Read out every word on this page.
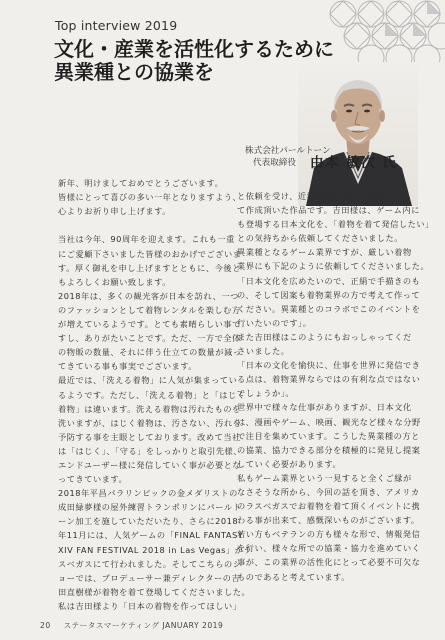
Top interview 2019
文化・産業を活性化するために
異業種との協業を
株式会社パールトーン
代表取締役 由本 敏次 氏
新年、明けましておめでとうございます。
皆様にとって喜びの多い一年となりますよう、
心よりお祈り申し上げます。
当社は今年、90周年を迎えます。これも一重
にご愛顧下さいました皆様のおかげでございま
す。厚く御礼を申し上げますとともに、今後と
もよろしくお願い致します。
2018年は、多くの観光客が日本を訪れ、一つ
のファッションとして着物レンタルを楽しむ方
が増えているようです。とても素晴らしい事で
すし、ありがたいことです。ただ、一方で全体
の物販の数量、それに伴う仕立ての数量が減っ
てきている事も事実でございます。
最近では、「洗える着物」に人気が集まってい
るようです。ただし、「洗える着物」と「はじく
着物」は違います。洗える着物は汚れたものを
洗いますが、はじく着物は、汚さない、汚れを
予防する事を主眼としております。改めて当社
は「はじく」、「守る」をしっかりと取引先様、
エンドユーザー様に発信していく事が必要とな
ってきています。
2018年平昌パラリンピックの金メダリストの
成田緑夢様の屋外練習トランポリンにパールト
ーン加工を施していただいたり、さらに2018
年11月には、人気ゲームの「FINAL FANTASY
XIV FAN FESTIVAL 2018 in Las Vegas」がラ
スベガスにて行われました。そしてこちらのシ
ョーでは、プロデューサー兼ディレクターの吉
田直樹様が着物を着て登場してくださいました。
私は吉田様より「日本の着物を作ってほしい」
と依頼を受け、近江屋株式会社に御願いをし
て作成頂いた作品です。吉田様は、ゲーム内に
も登場する日本文化を、「着物を着て発信したい」
との気持ちから依頼してくださいました。
異業種となるゲーム業界ですが、厳しい着物
業界にも下記のように依頼してくださいました。
「日本文化を広めたいので、正絹で手描きのも
の、そして図案も着物業界の方で考えて作って
ください。異業種とのコラボでこのイベントを
行いたいのです」。
また吉田様はこのようにもおっしゃってくだ
さいました。
「日本の文化を愉快に、仕事を世界に発信でき
る点は、着物業界ならではの有利な点ではない
でしょうか」。
世界中で様々な仕事がありますが、日本文化
は、漫画やゲーム、映画、観光など様々な分野
で注目を集めています。こうした異業種の方と
の協業、協力できる部分を積極的に発見し提案
していく必要があります。
私もゲーム業界という一見すると全くご縁が
なさそうな所から、今回の話を頂き、アメリカ
のラスベガスでお着物を着て頂くイベントに携
わる事が出来て、感慨深いものがございます。
若い方もベテランの方も様々な形で、情報発信
を行い、様々な所での協業・協力を進めていく
事が、この業界の活性化にとって必要不可欠な
ものであると考えています。
20 ステータスマーケティング JANUARY 2019
